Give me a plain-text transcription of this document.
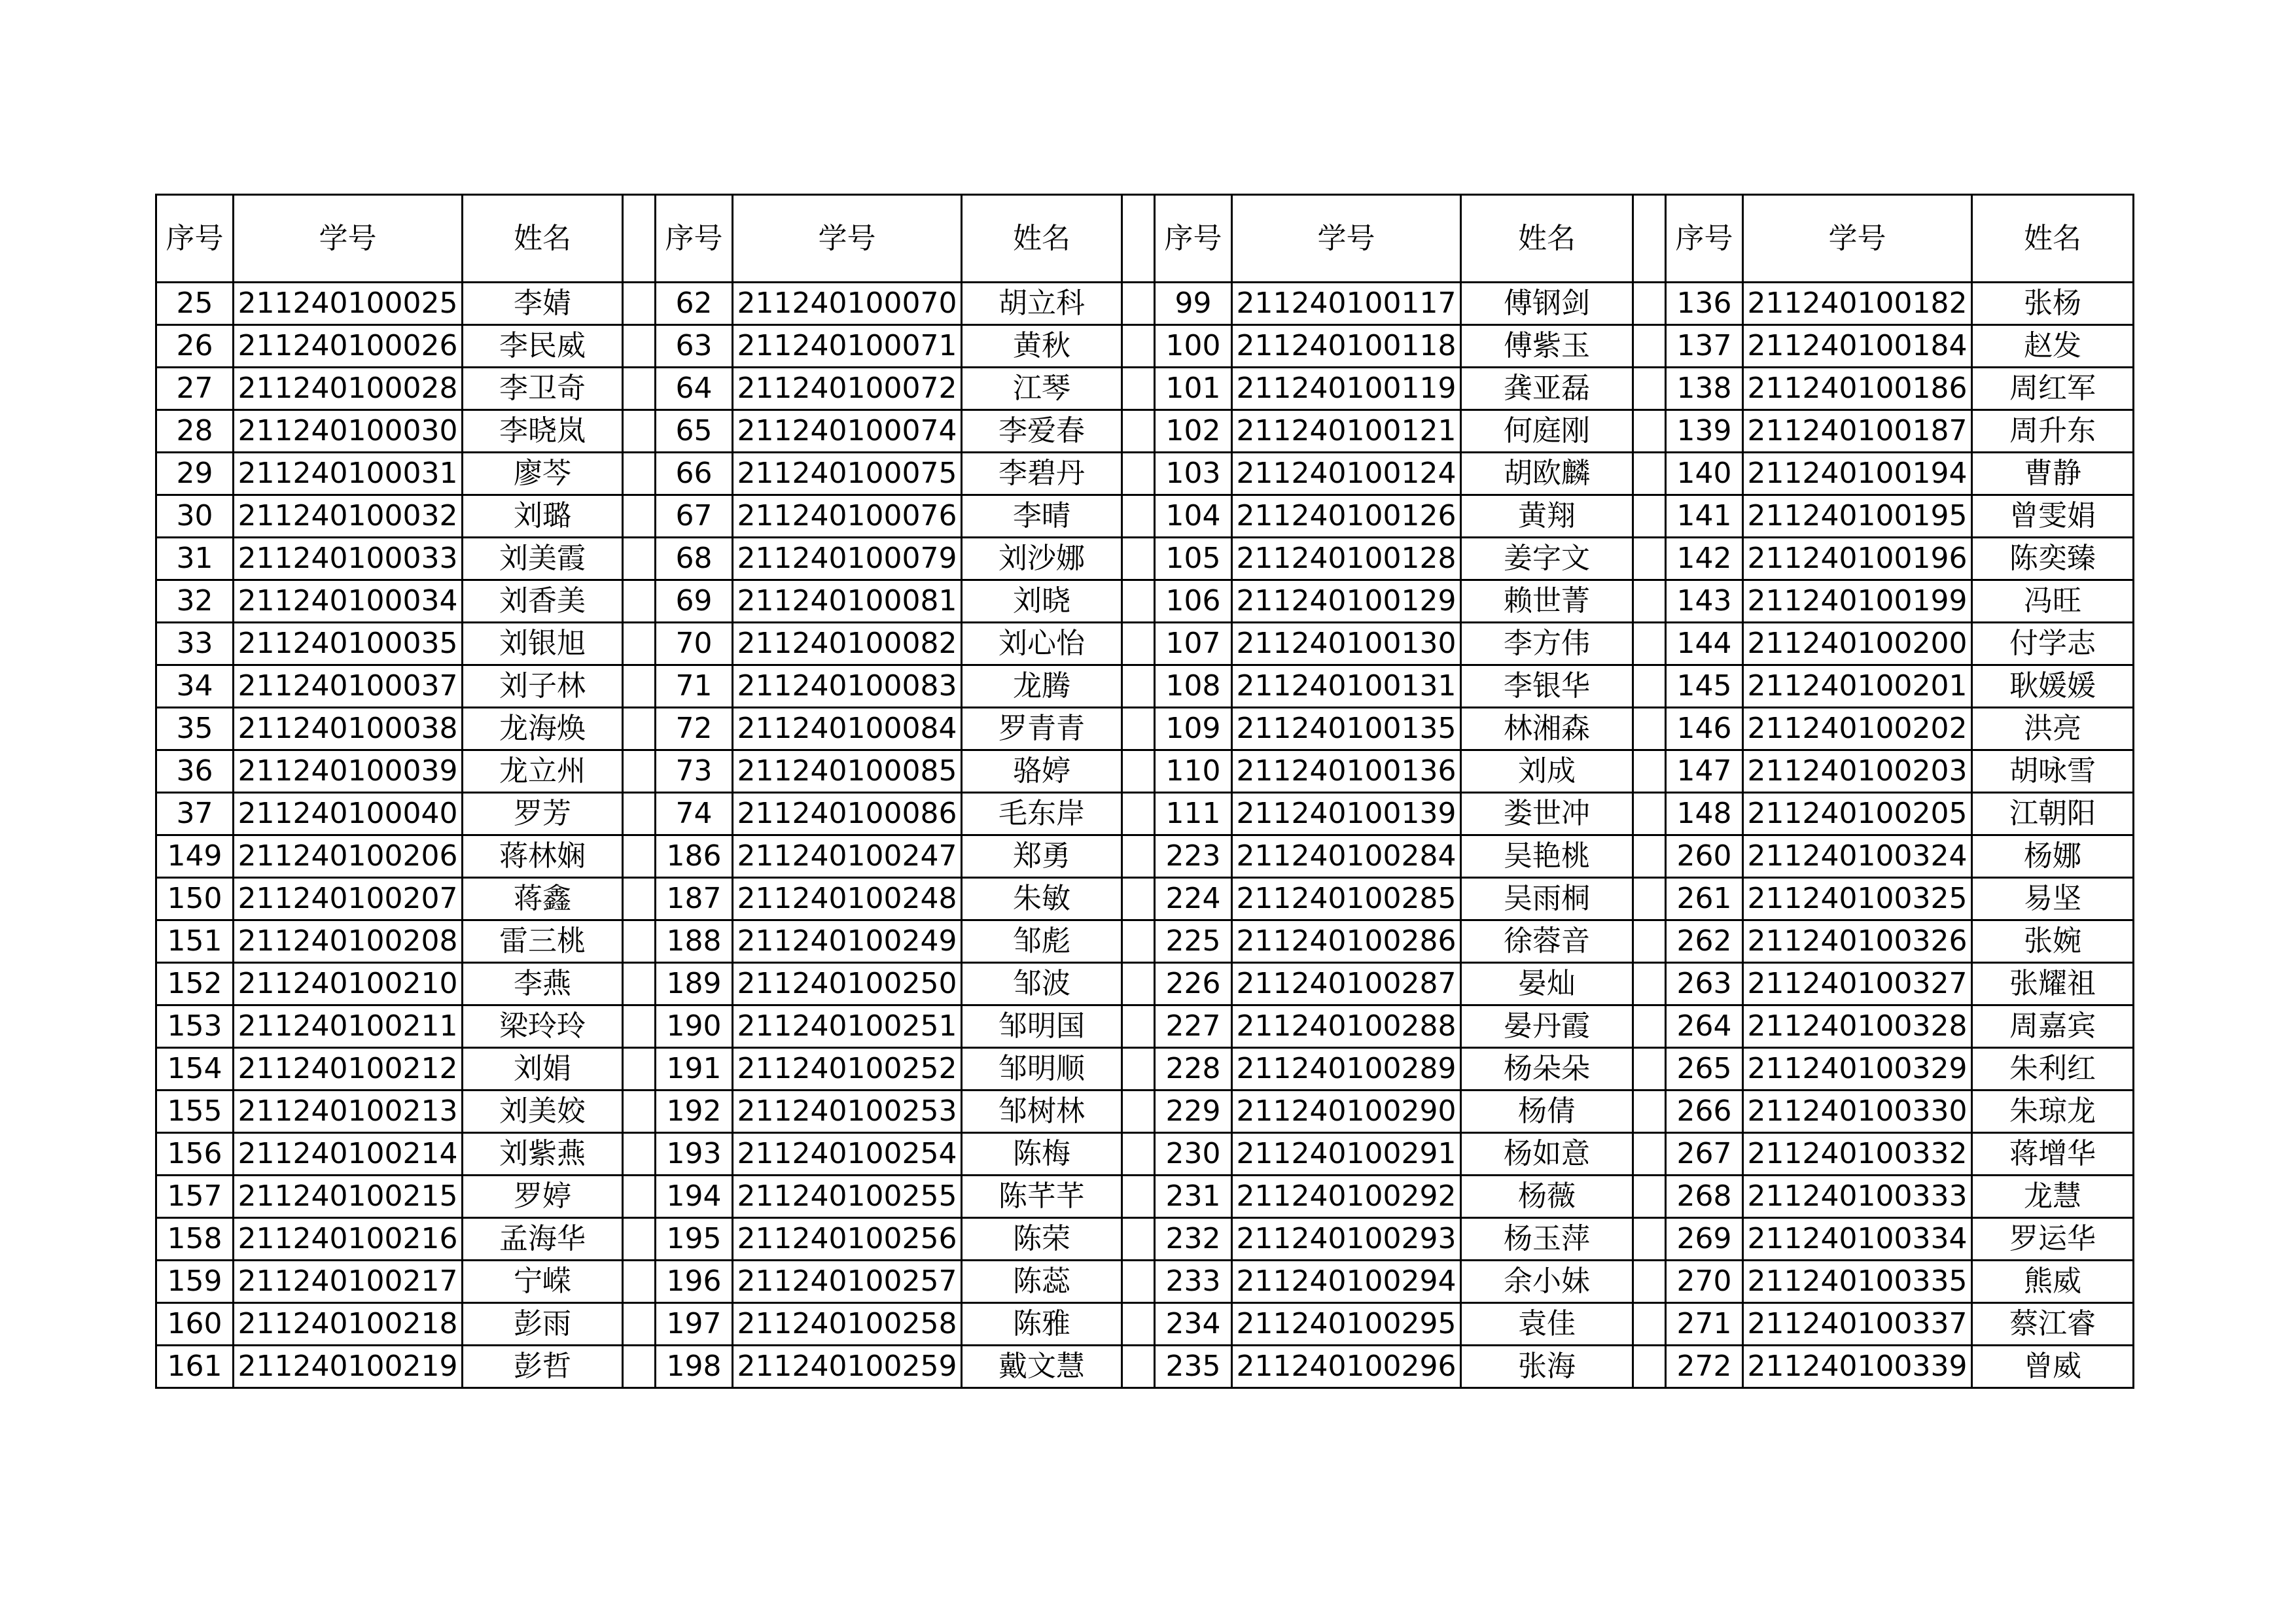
序号	学号	姓名		序号	学号	姓名		序号	学号	姓名		序号	学号	姓名
25	211240100025	李婧		62	211240100070	胡立科		99	211240100117	傅钢剑		136	211240100182	张杨
26	211240100026	李民威		63	211240100071	黄秋		100	211240100118	傅紫玉		137	211240100184	赵发
27	211240100028	李卫奇		64	211240100072	江琴		101	211240100119	龚亚磊		138	211240100186	周红军
28	211240100030	李晓岚		65	211240100074	李爱春		102	211240100121	何庭刚		139	211240100187	周升东
29	211240100031	廖芩		66	211240100075	李碧丹		103	211240100124	胡欧麟		140	211240100194	曹静
30	211240100032	刘璐		67	211240100076	李晴		104	211240100126	黄翔		141	211240100195	曾雯娟
31	211240100033	刘美霞		68	211240100079	刘沙娜		105	211240100128	姜字文		142	211240100196	陈奕臻
32	211240100034	刘香美		69	211240100081	刘晓		106	211240100129	赖世菁		143	211240100199	冯旺
33	211240100035	刘银旭		70	211240100082	刘心怡		107	211240100130	李方伟		144	211240100200	付学志
34	211240100037	刘子林		71	211240100083	龙腾		108	211240100131	李银华		145	211240100201	耿媛媛
35	211240100038	龙海焕		72	211240100084	罗青青		109	211240100135	林湘森		146	211240100202	洪亮
36	211240100039	龙立州		73	211240100085	骆婷		110	211240100136	刘成		147	211240100203	胡咏雪
37	211240100040	罗芳		74	211240100086	毛东岸		111	211240100139	娄世冲		148	211240100205	江朝阳
149	211240100206	蒋林娴		186	211240100247	郑勇		223	211240100284	吴艳桃		260	211240100324	杨娜
150	211240100207	蒋鑫		187	211240100248	朱敏		224	211240100285	吴雨桐		261	211240100325	易坚
151	211240100208	雷三桃		188	211240100249	邹彪		225	211240100286	徐蓉音		262	211240100326	张婉
152	211240100210	李燕		189	211240100250	邹波		226	211240100287	晏灿		263	211240100327	张耀祖
153	211240100211	梁玲玲		190	211240100251	邹明国		227	211240100288	晏丹霞		264	211240100328	周嘉宾
154	211240100212	刘娟		191	211240100252	邹明顺		228	211240100289	杨朵朵		265	211240100329	朱利红
155	211240100213	刘美姣		192	211240100253	邹树林		229	211240100290	杨倩		266	211240100330	朱琼龙
156	211240100214	刘紫燕		193	211240100254	陈梅		230	211240100291	杨如意		267	211240100332	蒋增华
157	211240100215	罗婷		194	211240100255	陈芊芊		231	211240100292	杨薇		268	211240100333	龙慧
158	211240100216	孟海华		195	211240100256	陈荣		232	211240100293	杨玉萍		269	211240100334	罗运华
159	211240100217	宁嵘		196	211240100257	陈蕊		233	211240100294	余小妹		270	211240100335	熊威
160	211240100218	彭雨		197	211240100258	陈雅		234	211240100295	袁佳		271	211240100337	蔡江睿
161	211240100219	彭哲		198	211240100259	戴文慧		235	211240100296	张海		272	211240100339	曾威
